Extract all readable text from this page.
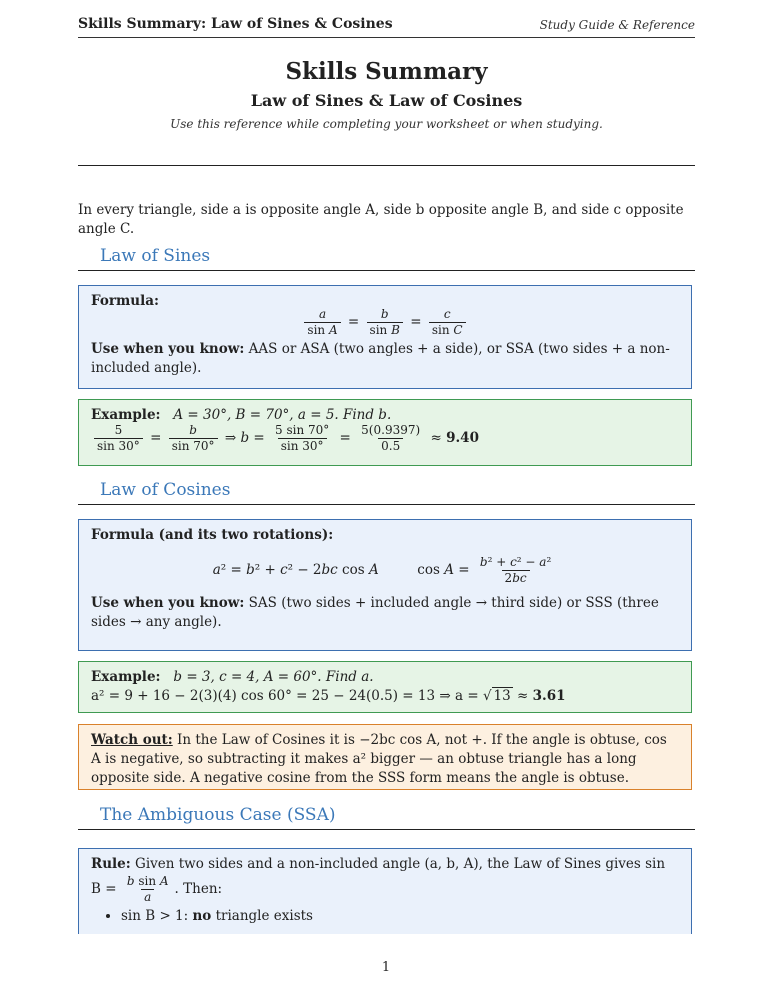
Skills Summary: Law of Sines & Cosines	Study Guide & Reference
Skills Summary
Law of Sines & Law of Cosines
Use this reference while completing your worksheet or when studying.
In every triangle, side a is opposite angle A, side b opposite angle B, and side c opposite angle C.
Law of Sines
Formula:
$\frac{a}{\text{sin A}} = \frac{b}{\text{sin B}} = \frac{c}{\text{sin C}}$
Use when you know: AAS or ASA (two angles + a side), or SSA (two sides + a non-included angle).
Example: A = 30°, B = 70°, a = 5. Find b.
$\frac{5}{\sin 30^\circ} = \frac{b}{\sin 70^\circ}$ ⇒ $b = \frac{5 \sin 70^\circ}{\sin 30^\circ} = \frac{5(0.9397)}{0.5} \approx 9.40$
Law of Cosines
Formula (and its two rotations):
a² = b² + c² − 2bc cos A         $\cos A = \frac{\text{b² + c² − a²}}{2bc}$
Use when you know: SAS (two sides + included angle → third side) or SSS (three sides → any angle).
Example: b = 3, c = 4, A = 60°. Find a.
a² = 9 + 16 − 2(3)(4) cos 60° = 25 − 24(0.5) = 13 ⇒ a = √ 13 ≈ 3.61
Watch out: In the Law of Cosines it is −2bc cos A, not +. If the angle is obtuse, cos A is negative, so subtracting it makes a² bigger — an obtuse triangle has a long opposite side. A negative cosine from the SSS form means the angle is obtuse.
The Ambiguous Case (SSA)
Rule: Given two sides and a non-included angle (a, b, A), the Law of Sines gives $\sin B = \frac{\text{b sin A}}{a}$ . Then:
• sin B > 1: no triangle exists
1
